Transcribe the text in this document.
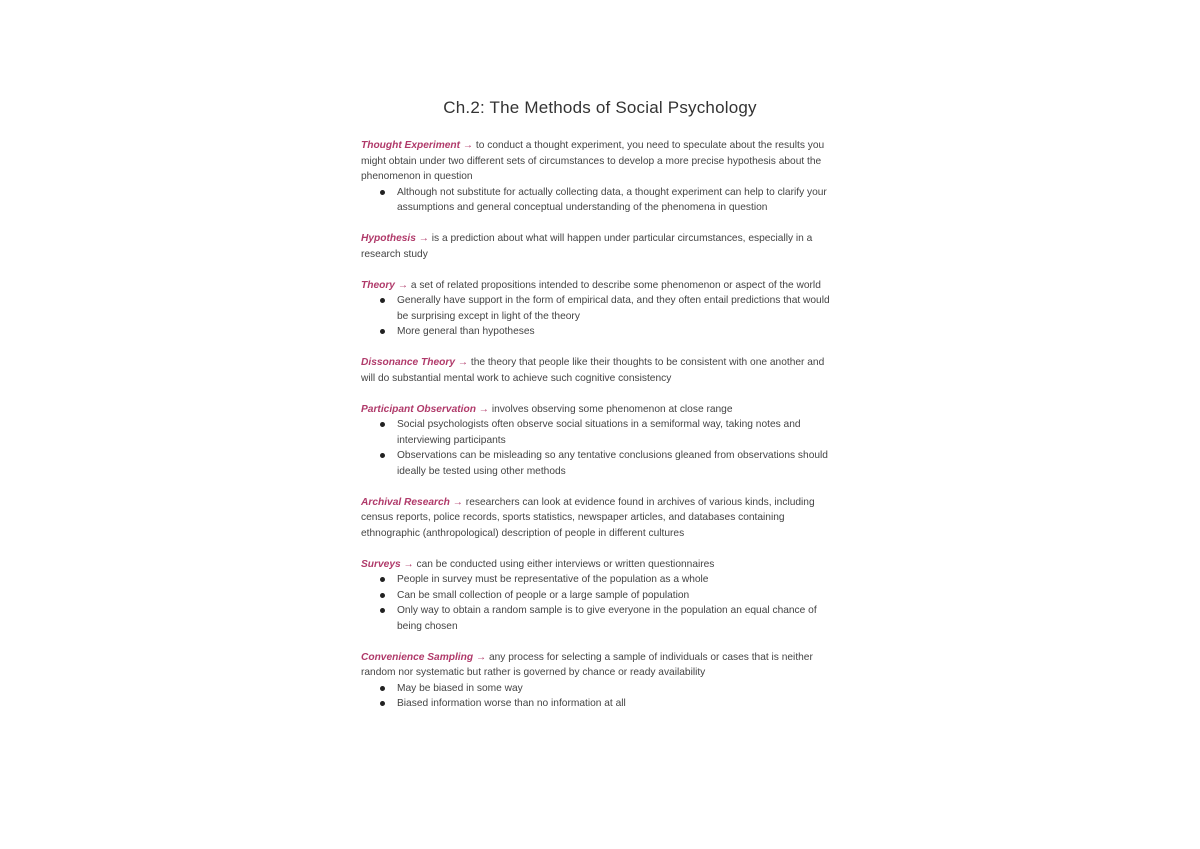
Ch.2: The Methods of Social Psychology
Thought Experiment → to conduct a thought experiment, you need to speculate about the results you might obtain under two different sets of circumstances to develop a more precise hypothesis about the phenomenon in question
Although not substitute for actually collecting data, a thought experiment can help to clarify your assumptions and general conceptual understanding of the phenomena in question
Hypothesis → is a prediction about what will happen under particular circumstances, especially in a research study
Theory → a set of related propositions intended to describe some phenomenon or aspect of the world
Generally have support in the form of empirical data, and they often entail predictions that would be surprising except in light of the theory
More general than hypotheses
Dissonance Theory → the theory that people like their thoughts to be consistent with one another and will do substantial mental work to achieve such cognitive consistency
Participant Observation → involves observing some phenomenon at close range
Social psychologists often observe social situations in a semiformal way, taking notes and interviewing participants
Observations can be misleading so any tentative conclusions gleaned from observations should ideally be tested using other methods
Archival Research → researchers can look at evidence found in archives of various kinds, including census reports, police records, sports statistics, newspaper articles, and databases containing ethnographic (anthropological) description of people in different cultures
Surveys → can be conducted using either interviews or written questionnaires
People in survey must be representative of the population as a whole
Can be small collection of people or a large sample of population
Only way to obtain a random sample is to give everyone in the population an equal chance of being chosen
Convenience Sampling → any process for selecting a sample of individuals or cases that is neither random nor systematic but rather is governed by chance or ready availability
May be biased in some way
Biased information worse than no information at all
